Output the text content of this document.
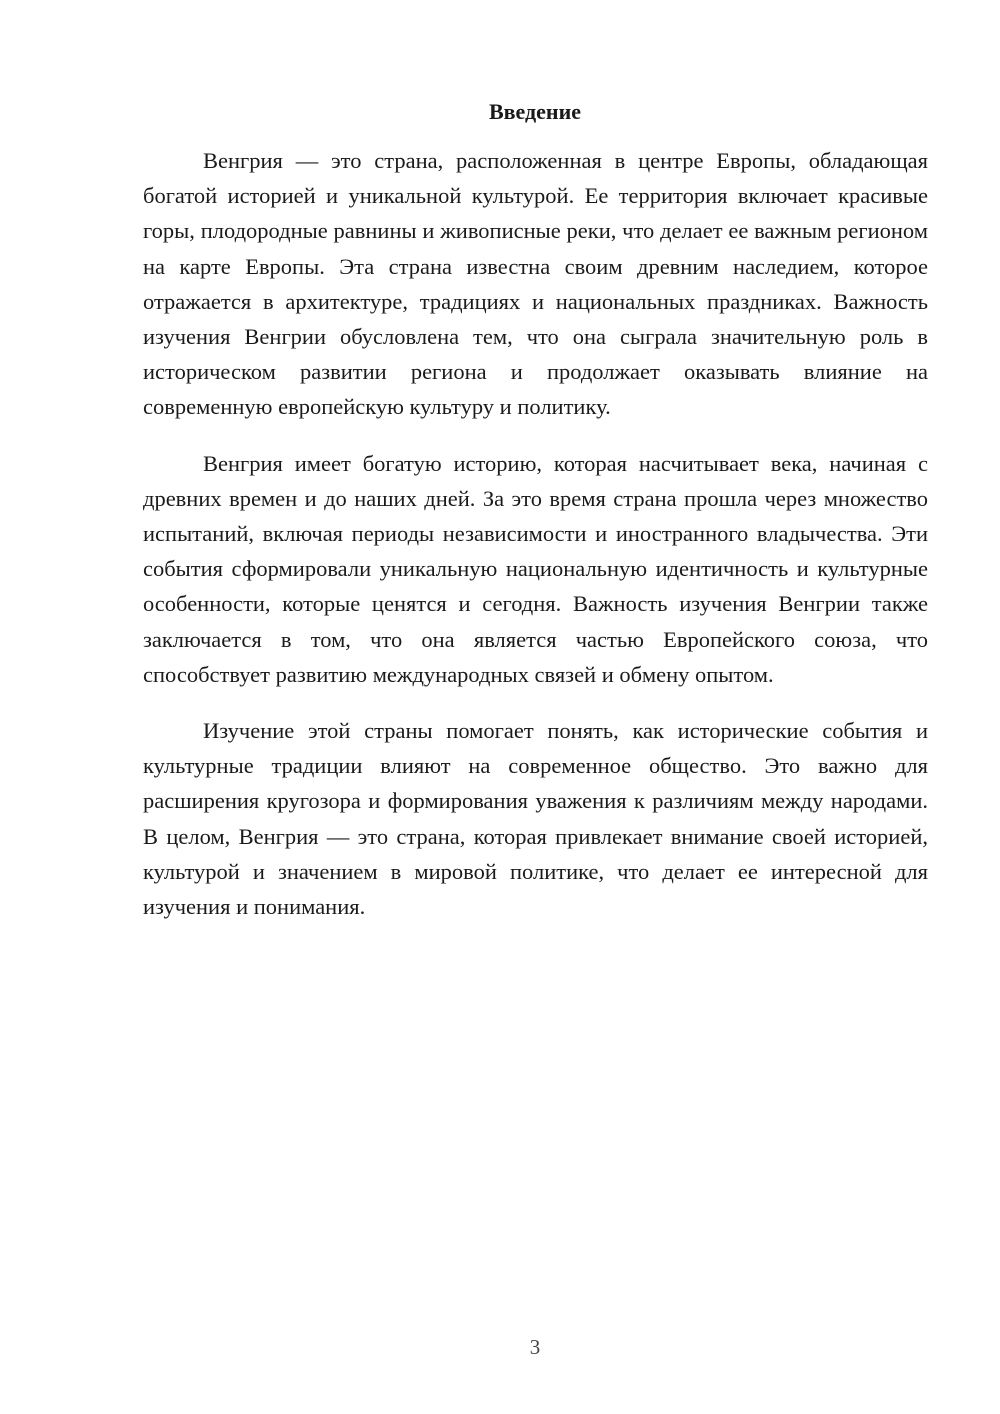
Введение

Венгрия — это страна, расположенная в центре Европы, обладающая богатой историей и уникальной культурой. Ее территория включает красивые горы, плодородные равнины и живописные реки, что делает ее важным регионом на карте Европы. Эта страна известна своим древним наследием, которое отражается в архитектуре, традициях и национальных праздниках. Важность изучения Венгрии обусловлена тем, что она сыграла значительную роль в историческом развитии региона и продолжает оказывать влияние на современную европейскую культуру и политику.

Венгрия имеет богатую историю, которая насчитывает века, начиная с древних времен и до наших дней. За это время страна прошла через множество испытаний, включая периоды независимости и иностранного владычества. Эти события сформировали уникальную национальную идентичность и культурные особенности, которые ценятся и сегодня. Важность изучения Венгрии также заключается в том, что она является частью Европейского союза, что способствует развитию международных связей и обмену опытом.

Изучение этой страны помогает понять, как исторические события и культурные традиции влияют на современное общество. Это важно для расширения кругозора и формирования уважения к различиям между народами. В целом, Венгрия — это страна, которая привлекает внимание своей историей, культурой и значением в мировой политике, что делает ее интересной для изучения и понимания.

3
